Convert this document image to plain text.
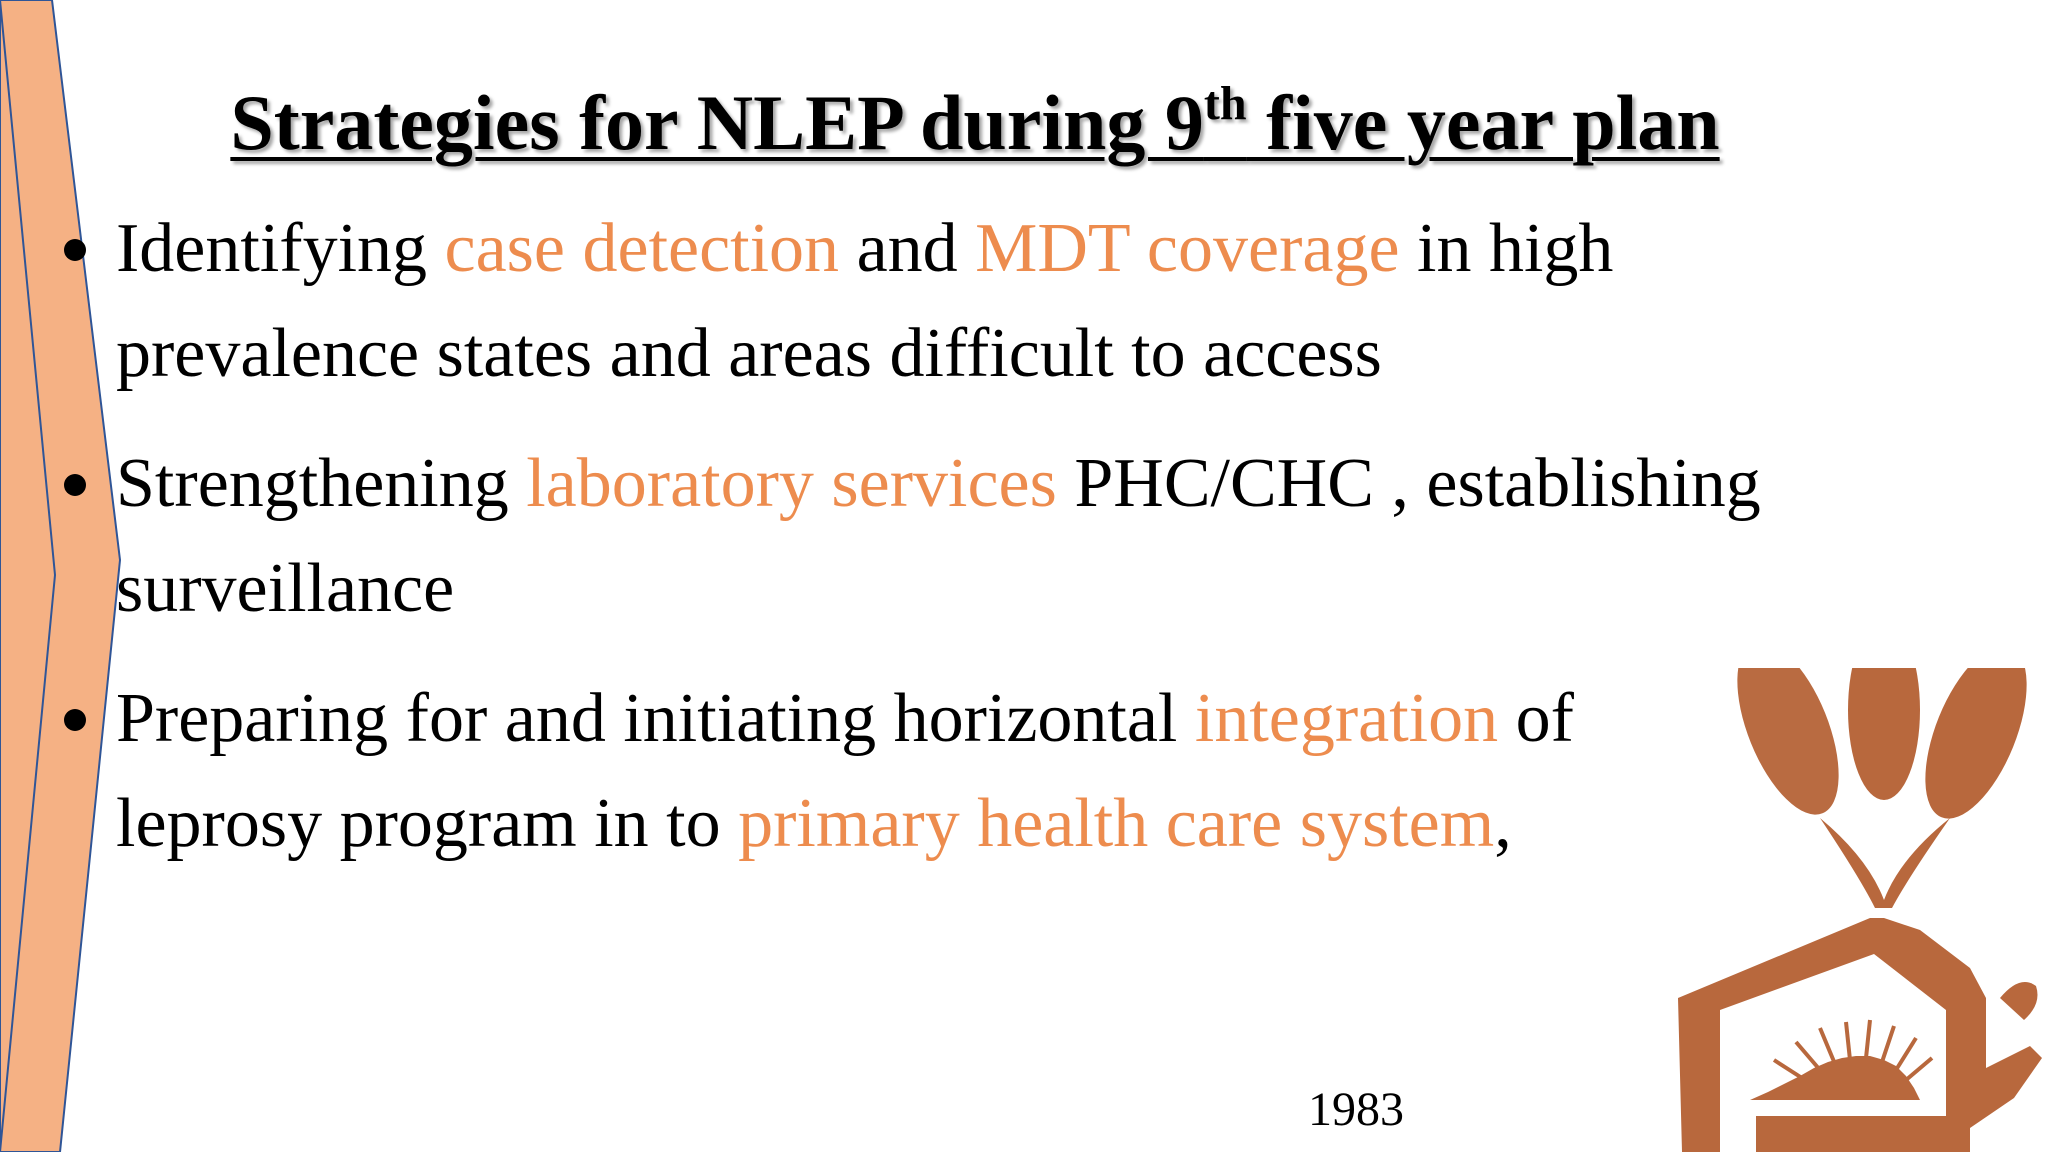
Strategies for NLEP during 9th five year plan
Identifying case detection and MDT coverage in high prevalence states and areas difficult to access
Strengthening laboratory services PHC/CHC , establishing surveillance
Preparing for and initiating horizontal integration of leprosy program in to primary health care system,
1983
